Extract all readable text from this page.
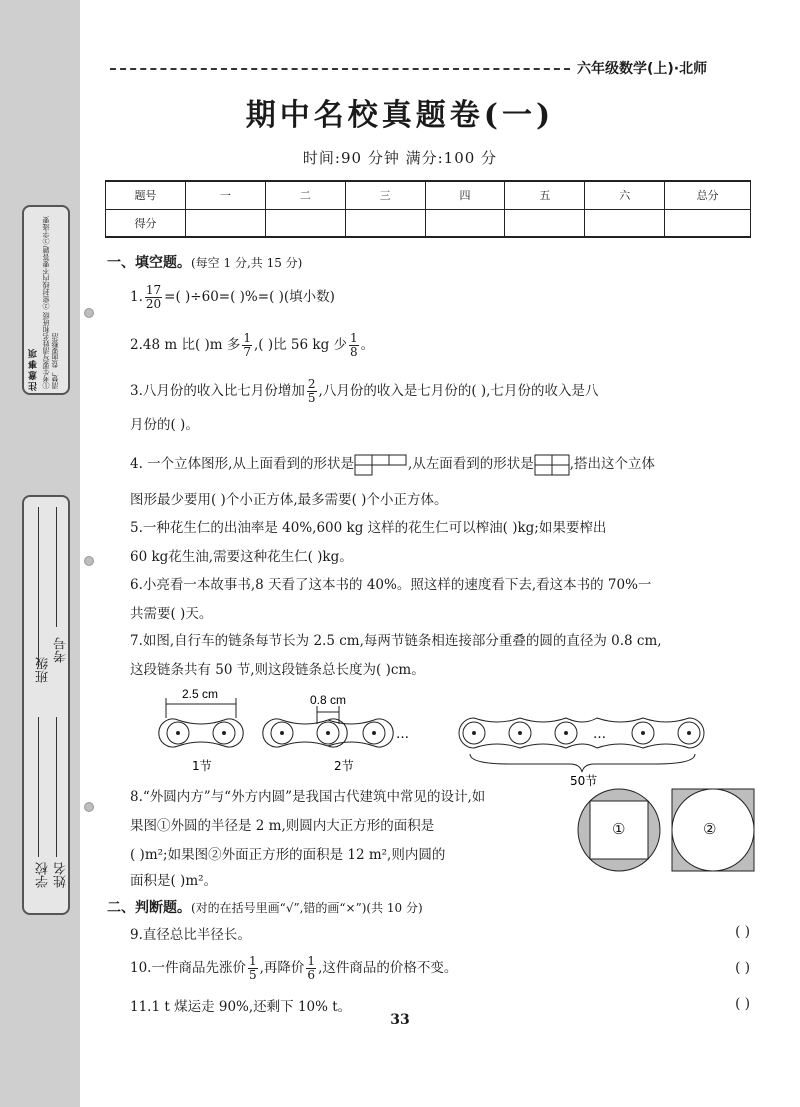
注意事项 ①考生要写清姓名和班级 ②密封线内不要答题 ③字迹要清楚，卷面要整洁
班级
考号
学校 姓名
六年级数学(上)·北师
期中名校真题卷(一)
时间:90 分钟 满分:100 分
题号	一	二	三	四	五	六	总分
得分							
一、填空题。(每空 1 分,共 15 分)
1. $\frac{17}{20}$ =( )÷60=( )%=( )(填小数)
2.48 m 比( )m 多 $\frac{1}{7}$ ,( )比 56 kg 少 $\frac{1}{8}$ 。
3.八月份的收入比七月份增加 $\frac{2}{5}$ ,八月份的收入是七月份的( ),七月份的收入是八
月份的( )。
4. 一个立体图形,从上面看到的形状是	,从左面看到的形状是	,搭出这个立体
图形最少要用( )个小正方体,最多需要( )个小正方体。
5.一种花生仁的出油率是 40%,600 kg 这样的花生仁可以榨油( )kg;如果要榨出
60 kg花生油,需要这种花生仁( )kg。
6.小亮看一本故事书,8 天看了这本书的 40%。照这样的速度看下去,看这本书的 70%一
共需要( )天。
7.如图,自行车的链条每节长为 2.5 cm,每两节链条相连接部分重叠的圆的直径为 0.8 cm,
这段链条共有 50 节,则这段链条总长度为( )cm。
2.5 cm
1节
0.8 cm
2节
…	…
50节
8.“外圆内方”与“外方内圆”是我国古代建筑中常见的设计,如
果图①外圆的半径是 2 m,则圆内大正方形的面积是
( )m²;如果图②外面正方形的面积是 12 m²,则内圆的
面积是( )m²。
①	②
二、判断题。(对的在括号里画“√”,错的画“×”)(共 10 分)
9.直径总比半径长。	( )
10.一件商品先涨价 $\frac{1}{5}$ ,再降价 $\frac{1}{6}$ ,这件商品的价格不变。	( )
11.1 t 煤运走 90%,还剩下 10% t。	( )
33
